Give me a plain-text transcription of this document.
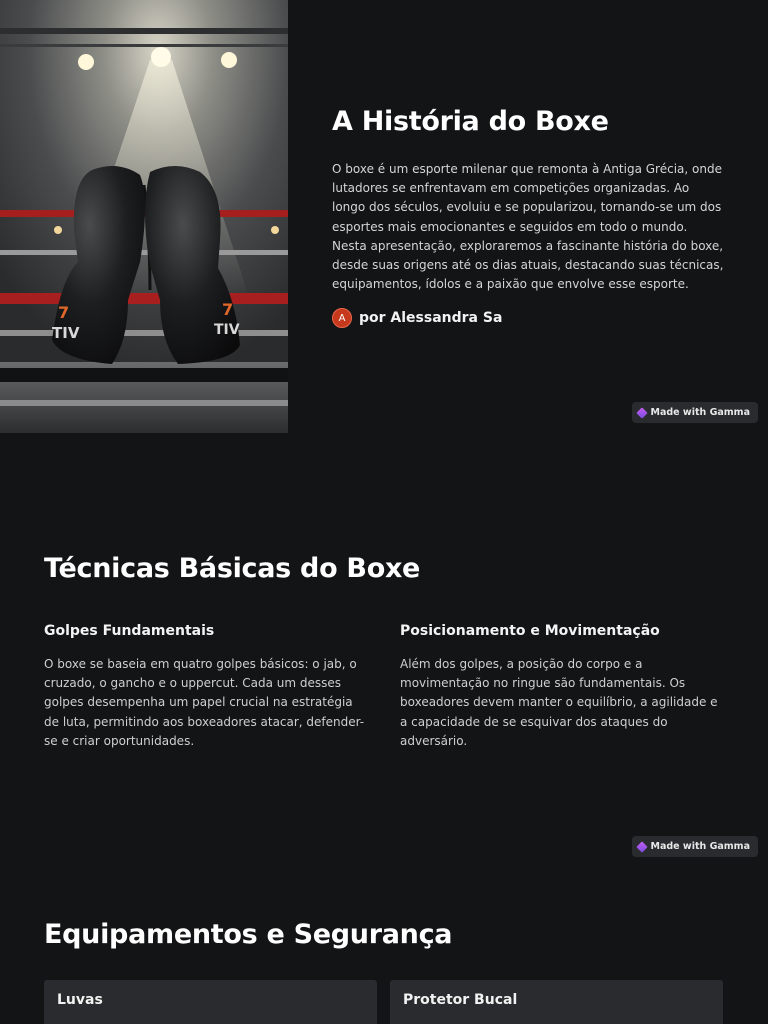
7
TIV
7
TIV
A História do Boxe

O boxe é um esporte milenar que remonta à Antiga Grécia, onde lutadores se enfrentavam em competições organizadas. Ao longo dos séculos, evoluiu e se popularizou, tornando-se um dos esportes mais emocionantes e seguidos em todo o mundo. Nesta apresentação, exploraremos a fascinante história do boxe, desde suas origens até os dias atuais, destacando suas técnicas, equipamentos, ídolos e a paixão que envolve esse esporte.

A por Alessandra Sa
Made with Gamma
Técnicas Básicas do Boxe
Golpes Fundamentais

O boxe se baseia em quatro golpes básicos: o jab, o cruzado, o gancho e o uppercut. Cada um desses golpes desempenha um papel crucial na estratégia de luta, permitindo aos boxeadores atacar, defender-se e criar oportunidades.

Posicionamento e Movimentação

Além dos golpes, a posição do corpo e a movimentação no ringue são fundamentais. Os boxeadores devem manter o equilíbrio, a agilidade e a capacidade de se esquivar dos ataques do adversário.

Made with Gamma
Equipamentos e Segurança
Luvas	Protetor Bucal
